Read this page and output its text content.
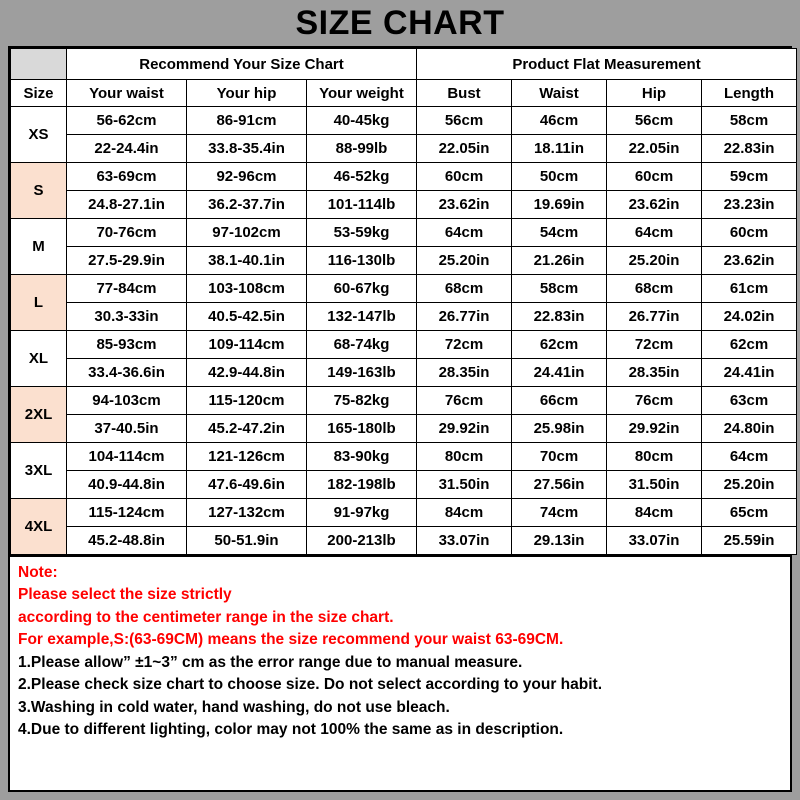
SIZE CHART
	Recommend Your Size Chart			Product Flat Measurement			
Size	Your waist	Your hip	Your weight	Bust	Waist	Hip	Length
XS	56-62cm	86-91cm	40-45kg	56cm	46cm	56cm	58cm
	22-24.4in	33.8-35.4in	88-99lb	22.05in	18.11in	22.05in	22.83in
S	63-69cm	92-96cm	46-52kg	60cm	50cm	60cm	59cm
	24.8-27.1in	36.2-37.7in	101-114lb	23.62in	19.69in	23.62in	23.23in
M	70-76cm	97-102cm	53-59kg	64cm	54cm	64cm	60cm
	27.5-29.9in	38.1-40.1in	116-130lb	25.20in	21.26in	25.20in	23.62in
L	77-84cm	103-108cm	60-67kg	68cm	58cm	68cm	61cm
	30.3-33in	40.5-42.5in	132-147lb	26.77in	22.83in	26.77in	24.02in
XL	85-93cm	109-114cm	68-74kg	72cm	62cm	72cm	62cm
	33.4-36.6in	42.9-44.8in	149-163lb	28.35in	24.41in	28.35in	24.41in
2XL	94-103cm	115-120cm	75-82kg	76cm	66cm	76cm	63cm
	37-40.5in	45.2-47.2in	165-180lb	29.92in	25.98in	29.92in	24.80in
3XL	104-114cm	121-126cm	83-90kg	80cm	70cm	80cm	64cm
	40.9-44.8in	47.6-49.6in	182-198lb	31.50in	27.56in	31.50in	25.20in
4XL	115-124cm	127-132cm	91-97kg	84cm	74cm	84cm	65cm
	45.2-48.8in	50-51.9in	200-213lb	33.07in	29.13in	33.07in	25.59in
Note:
Please select the size strictly
according to the centimeter range in the size chart.
For example,S:(63-69CM) means the size recommend your waist 63-69CM.
1.Please allow” ±1~3” cm as the error range due to manual measure.
2.Please check size chart to choose size. Do not select according to your habit.
3.Washing in cold water, hand washing, do not use bleach.
4.Due to different lighting, color may not 100% the same as in description.
